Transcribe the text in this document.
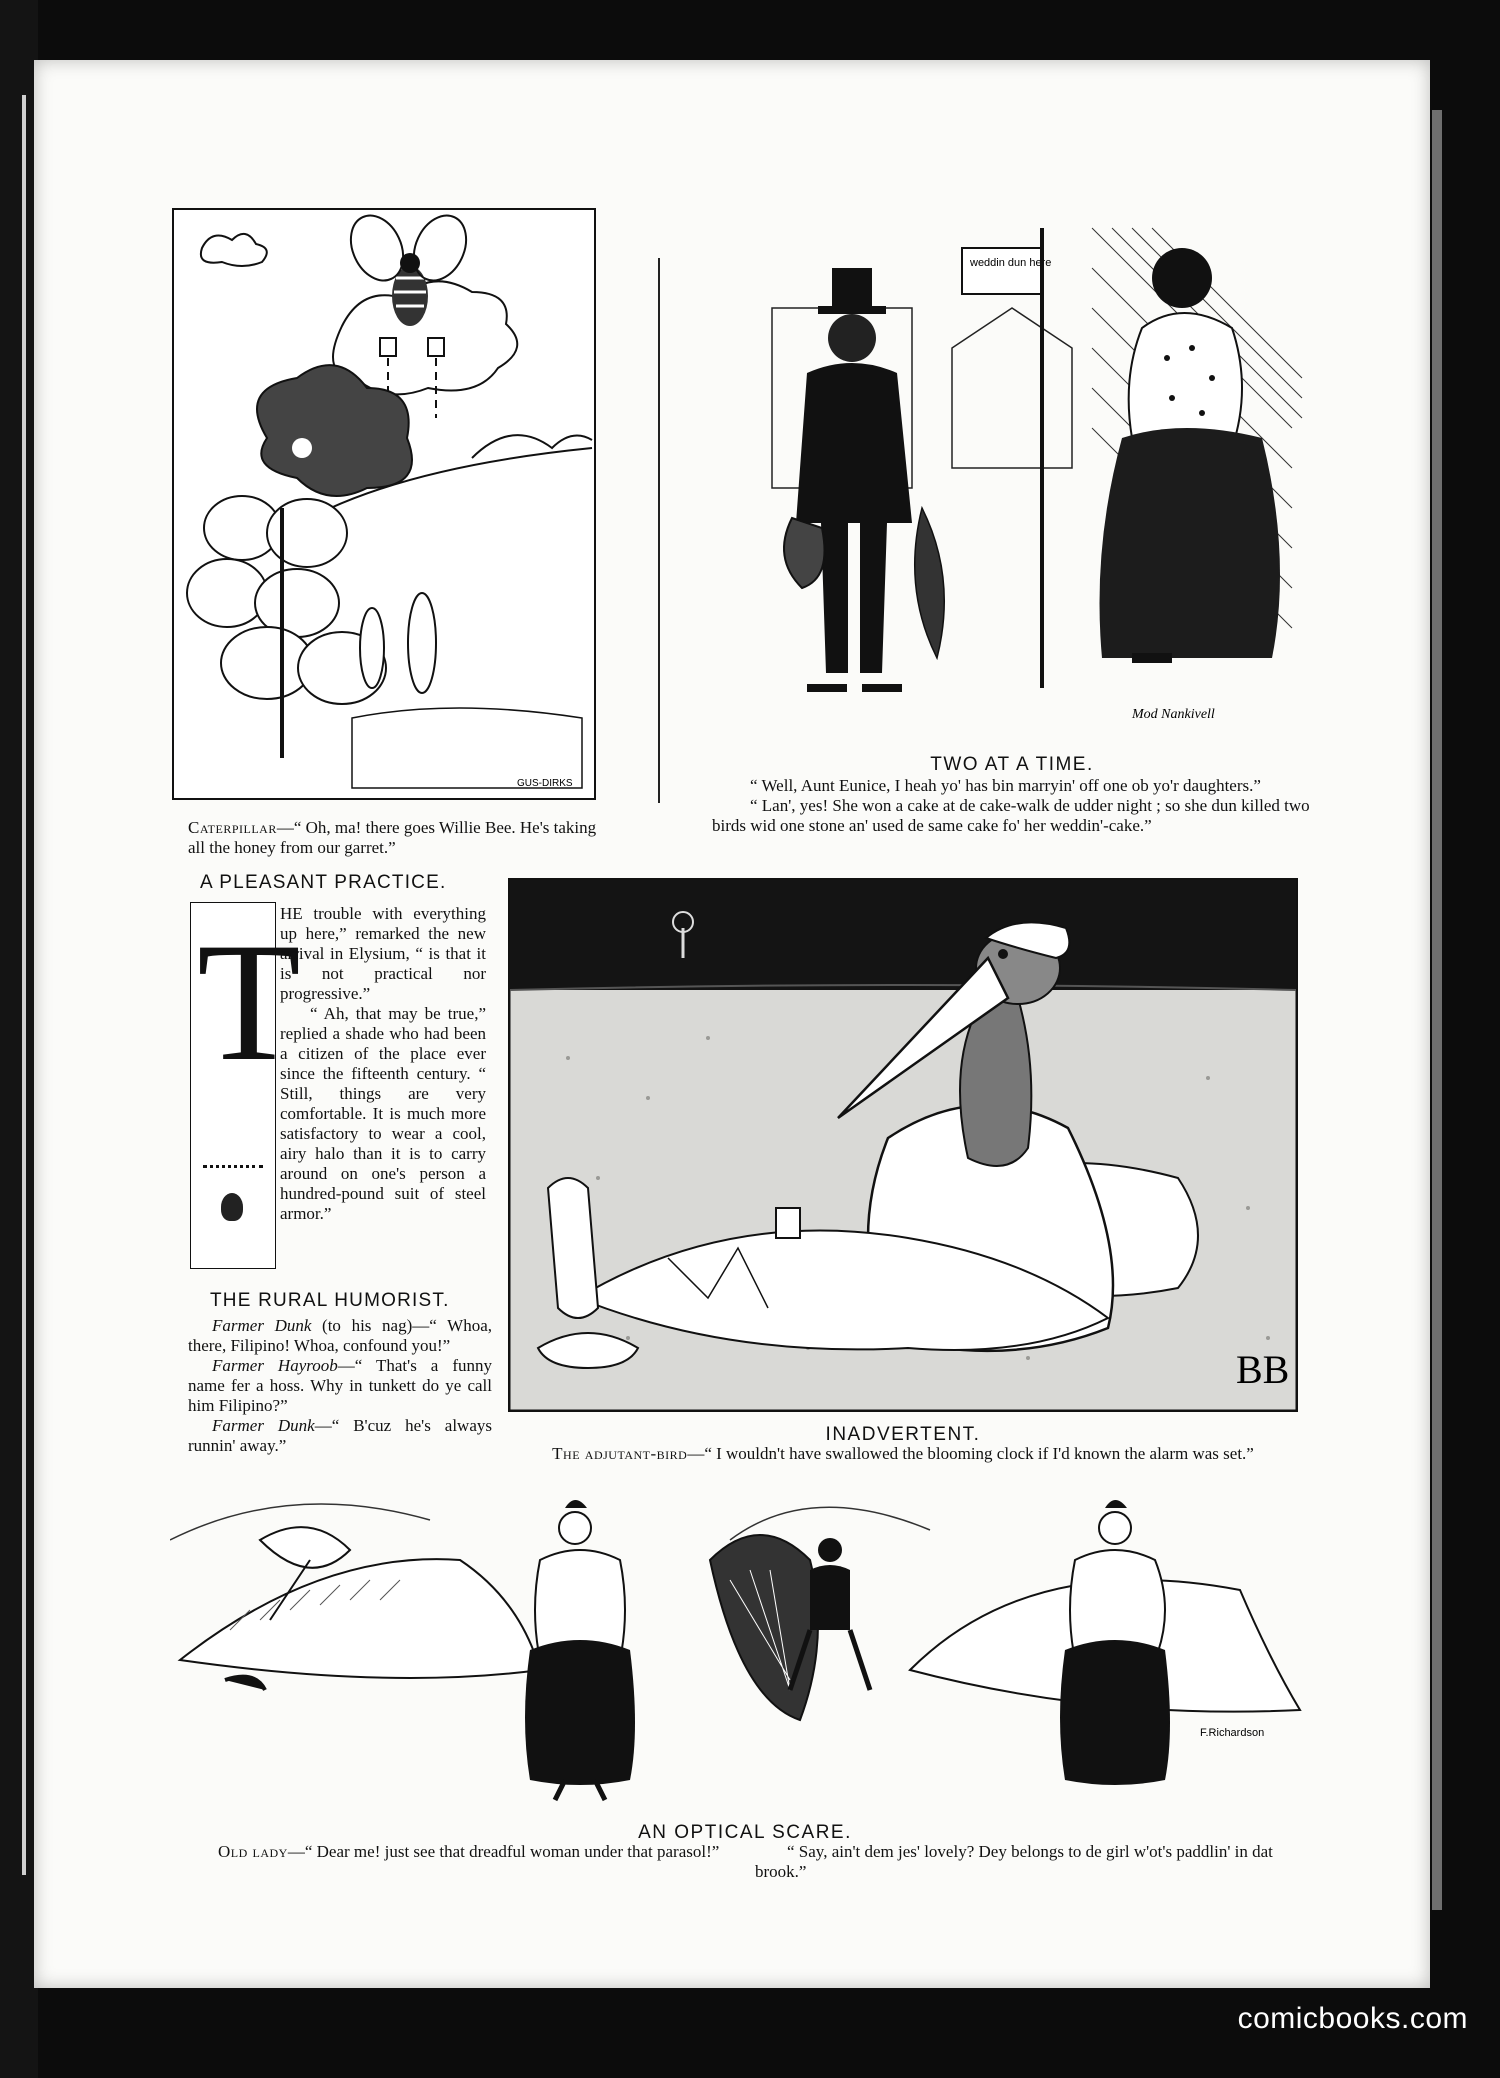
GUS-DIRKS
Caterpillar—“ Oh, ma! there goes Willie Bee. He's taking all the honey from our garret.”
weddin dun here
Mod Nankivell
TWO AT A TIME.
“ Well, Aunt Eunice, I heah yo' has bin marryin' off one ob yo'r daughters.”
“ Lan', yes! She won a cake at de cake-walk de udder night ; so she dun killed two birds wid one stone an' used de same cake fo' her weddin'-cake.”
A PLEASANT PRACTICE.
T

HE trouble with everything up here,” remarked the new arrival in Elysium, “ is that it is not practical nor progressive.”

“ Ah, that may be true,” replied a shade who had been a citizen of the place ever since the fifteenth century. “ Still, things are very comfortable. It is much more satisfactory to wear a cool, airy halo than it is to carry around on one's person a hundred-pound suit of steel armor.”

THE RURAL HUMORIST.

Farmer Dunk (to his nag)—“ Whoa, there, Filipino! Whoa, confound you!”

Farmer Hayroob—“ That's a funny name fer a hoss. Why in tunkett do ye call him Filipino?”

Farmer Dunk—“ B'cuz he's always runnin' away.”

BB
INADVERTENT.
The adjutant-bird—“ I wouldn't have swallowed the blooming clock if I'd known the alarm was set.”
F.Richardson
AN OPTICAL SCARE.
Old lady—“ Dear me! just see that dreadful woman under that parasol!”	“ Say, ain't dem jes' lovely? Dey belongs to de girl w'ot's paddlin' in dat brook.”
comicbooks.com
